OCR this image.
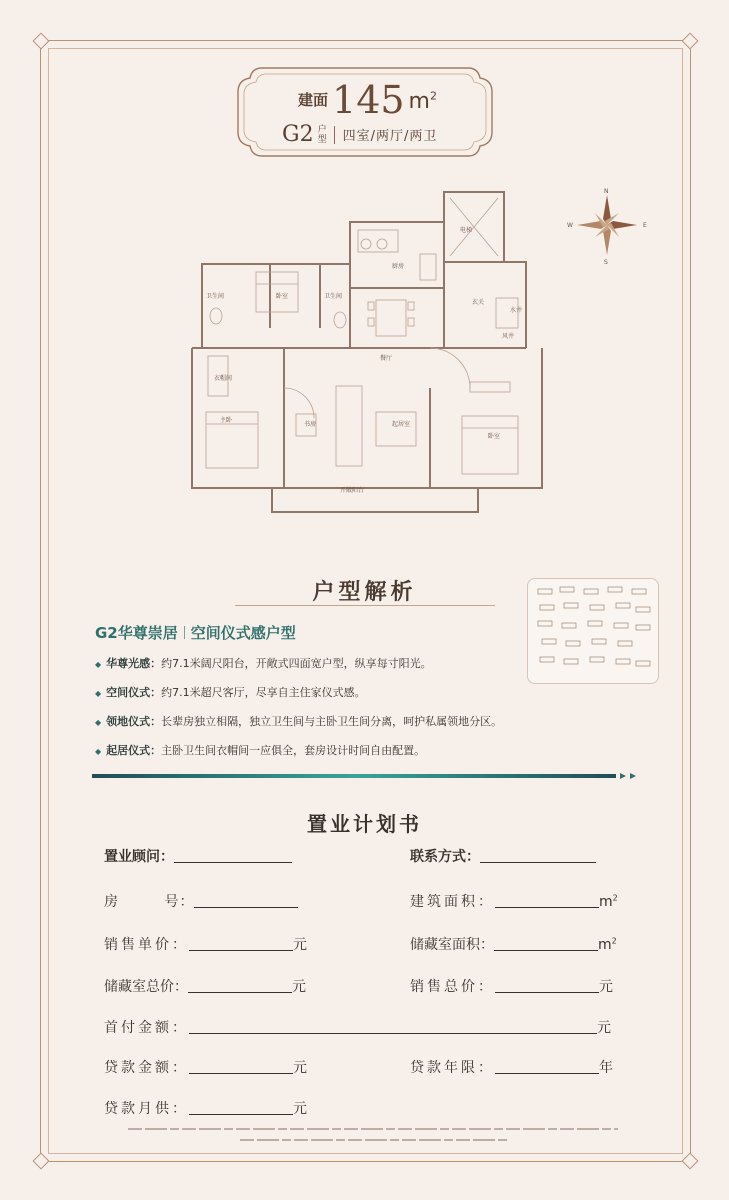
建面 145 $m^2$
G2 户型 四室/两厅/两卫
N
S
W	E
电梯
厨房
餐厅
玄关
卫生间	卧室	卫生间
水井
风井
衣帽间
主卧
书房	起居室
卧室
开敞阳台
户型解析
G2华尊崇居 空间仪式感户型
◆ 华尊光感：约7.1米阔尺阳台，开敞式四面宽户型，纵享每寸阳光。
◆ 空间仪式：约7.1米超尺客厅，尽享自主住家仪式感。
◆ 领地仪式：长辈房独立相隔，独立卫生间与主卧卫生间分离，呵护私属领地分区。
◆ 起居仪式：主卧卫生间衣帽间一应俱全，套房设计时间自由配置。
置业计划书
置业顾问：	联系方式：
房 号：	建筑面积：	$m^2$
销售单价：	元	储藏室面积：	$m^2$
储藏室总价：	元	销售总价：	元
首付金额：	元
贷款金额：	元	贷款年限：	年
贷款月供：	元
